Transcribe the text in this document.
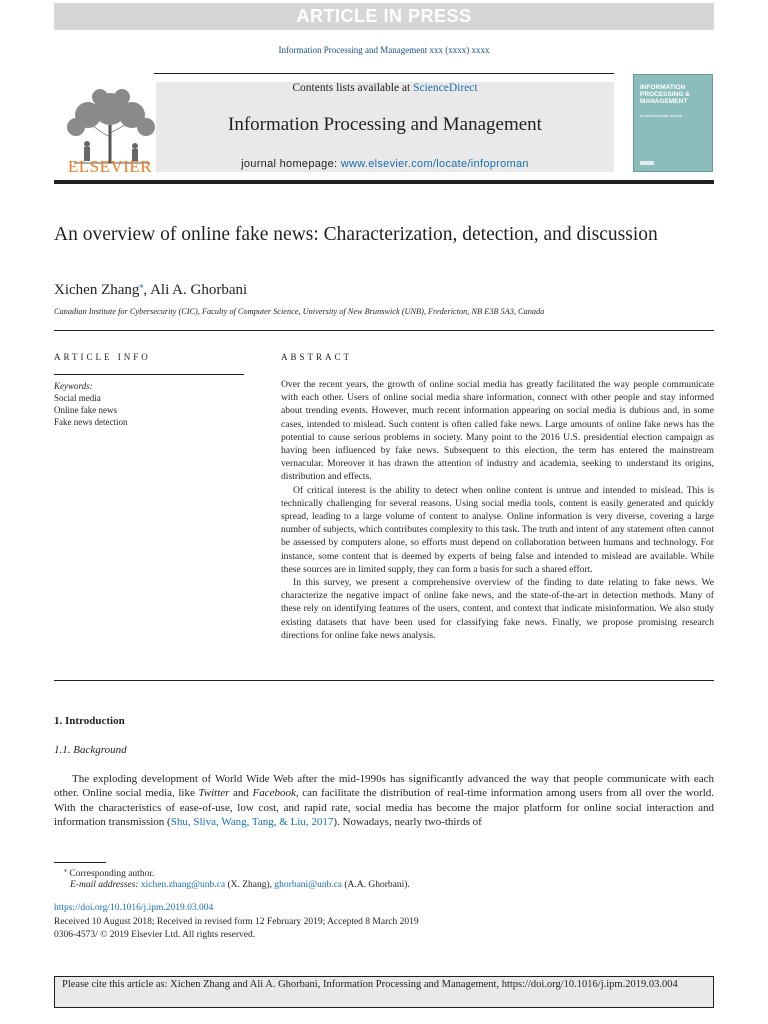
ARTICLE IN PRESS
Information Processing and Management xxx (xxxx) xxxx
ELSEVIER
Contents lists available at ScienceDirect
Information Processing and Management
journal homepage: www.elsevier.com/locate/infoproman
INFORMATION PROCESSING & MANAGEMENT
An International Journal
An overview of online fake news: Characterization, detection, and discussion
Xichen Zhang⁎, Ali A. Ghorbani
Canadian Institute for Cybersecurity (CIC), Faculty of Computer Science, University of New Brunswick (UNB), Fredericton, NB E3B 5A3, Canada
ARTICLE INFO	ABSTRACT
Keywords:
Social media
Online fake news
Fake news detection

Over the recent years, the growth of online social media has greatly facilitated the way people communicate with each other. Users of online social media share information, connect with other people and stay informed about trending events. However, much recent information appearing on social media is dubious and, in some cases, intended to mislead. Such content is often called fake news. Large amounts of online fake news has the potential to cause serious problems in society. Many point to the 2016 U.S. presidential election campaign as having been influenced by fake news. Subsequent to this election, the term has entered the mainstream vernacular. Moreover it has drawn the attention of industry and academia, seeking to understand its origins, distribution and effects.

Of critical interest is the ability to detect when online content is untrue and intended to mislead. This is technically challenging for several reasons. Using social media tools, content is easily generated and quickly spread, leading to a large volume of content to analyse. Online information is very diverse, covering a large number of subjects, which contributes complexity to this task. The truth and intent of any statement often cannot be assessed by computers alone, so efforts must depend on collaboration between humans and technology. For instance, some content that is deemed by experts of being false and intended to mislead are available. While these sources are in limited supply, they can form a basis for such a shared effort.

In this survey, we present a comprehensive overview of the finding to date relating to fake news. We characterize the negative impact of online fake news, and the state-of-the-art in detection methods. Many of these rely on identifying features of the users, content, and context that indicate misinformation. We also study existing datasets that have been used for classifying fake news. Finally, we propose promising research directions for online fake news analysis.

1. Introduction
1.1. Background

The exploding development of World Wide Web after the mid-1990s has significantly advanced the way that people communicate with each other. Online social media, like Twitter and Facebook, can facilitate the distribution of real-time information among users from all over the world. With the characteristics of ease-of-use, low cost, and rapid rate, social media has become the major platform for online social interaction and information transmission (Shu, Sliva, Wang, Tang, & Liu, 2017). Nowadays, nearly two-thirds of

⁎ Corresponding author.
E-mail addresses: xichen.zhang@unb.ca (X. Zhang), ghorbani@unb.ca (A.A. Ghorbani).
https://doi.org/10.1016/j.ipm.2019.03.004
Received 10 August 2018; Received in revised form 12 February 2019; Accepted 8 March 2019
0306-4573/ © 2019 Elsevier Ltd. All rights reserved.
Please cite this article as: Xichen Zhang and Ali A. Ghorbani, Information Processing and Management, https://doi.org/10.1016/j.ipm.2019.03.004
